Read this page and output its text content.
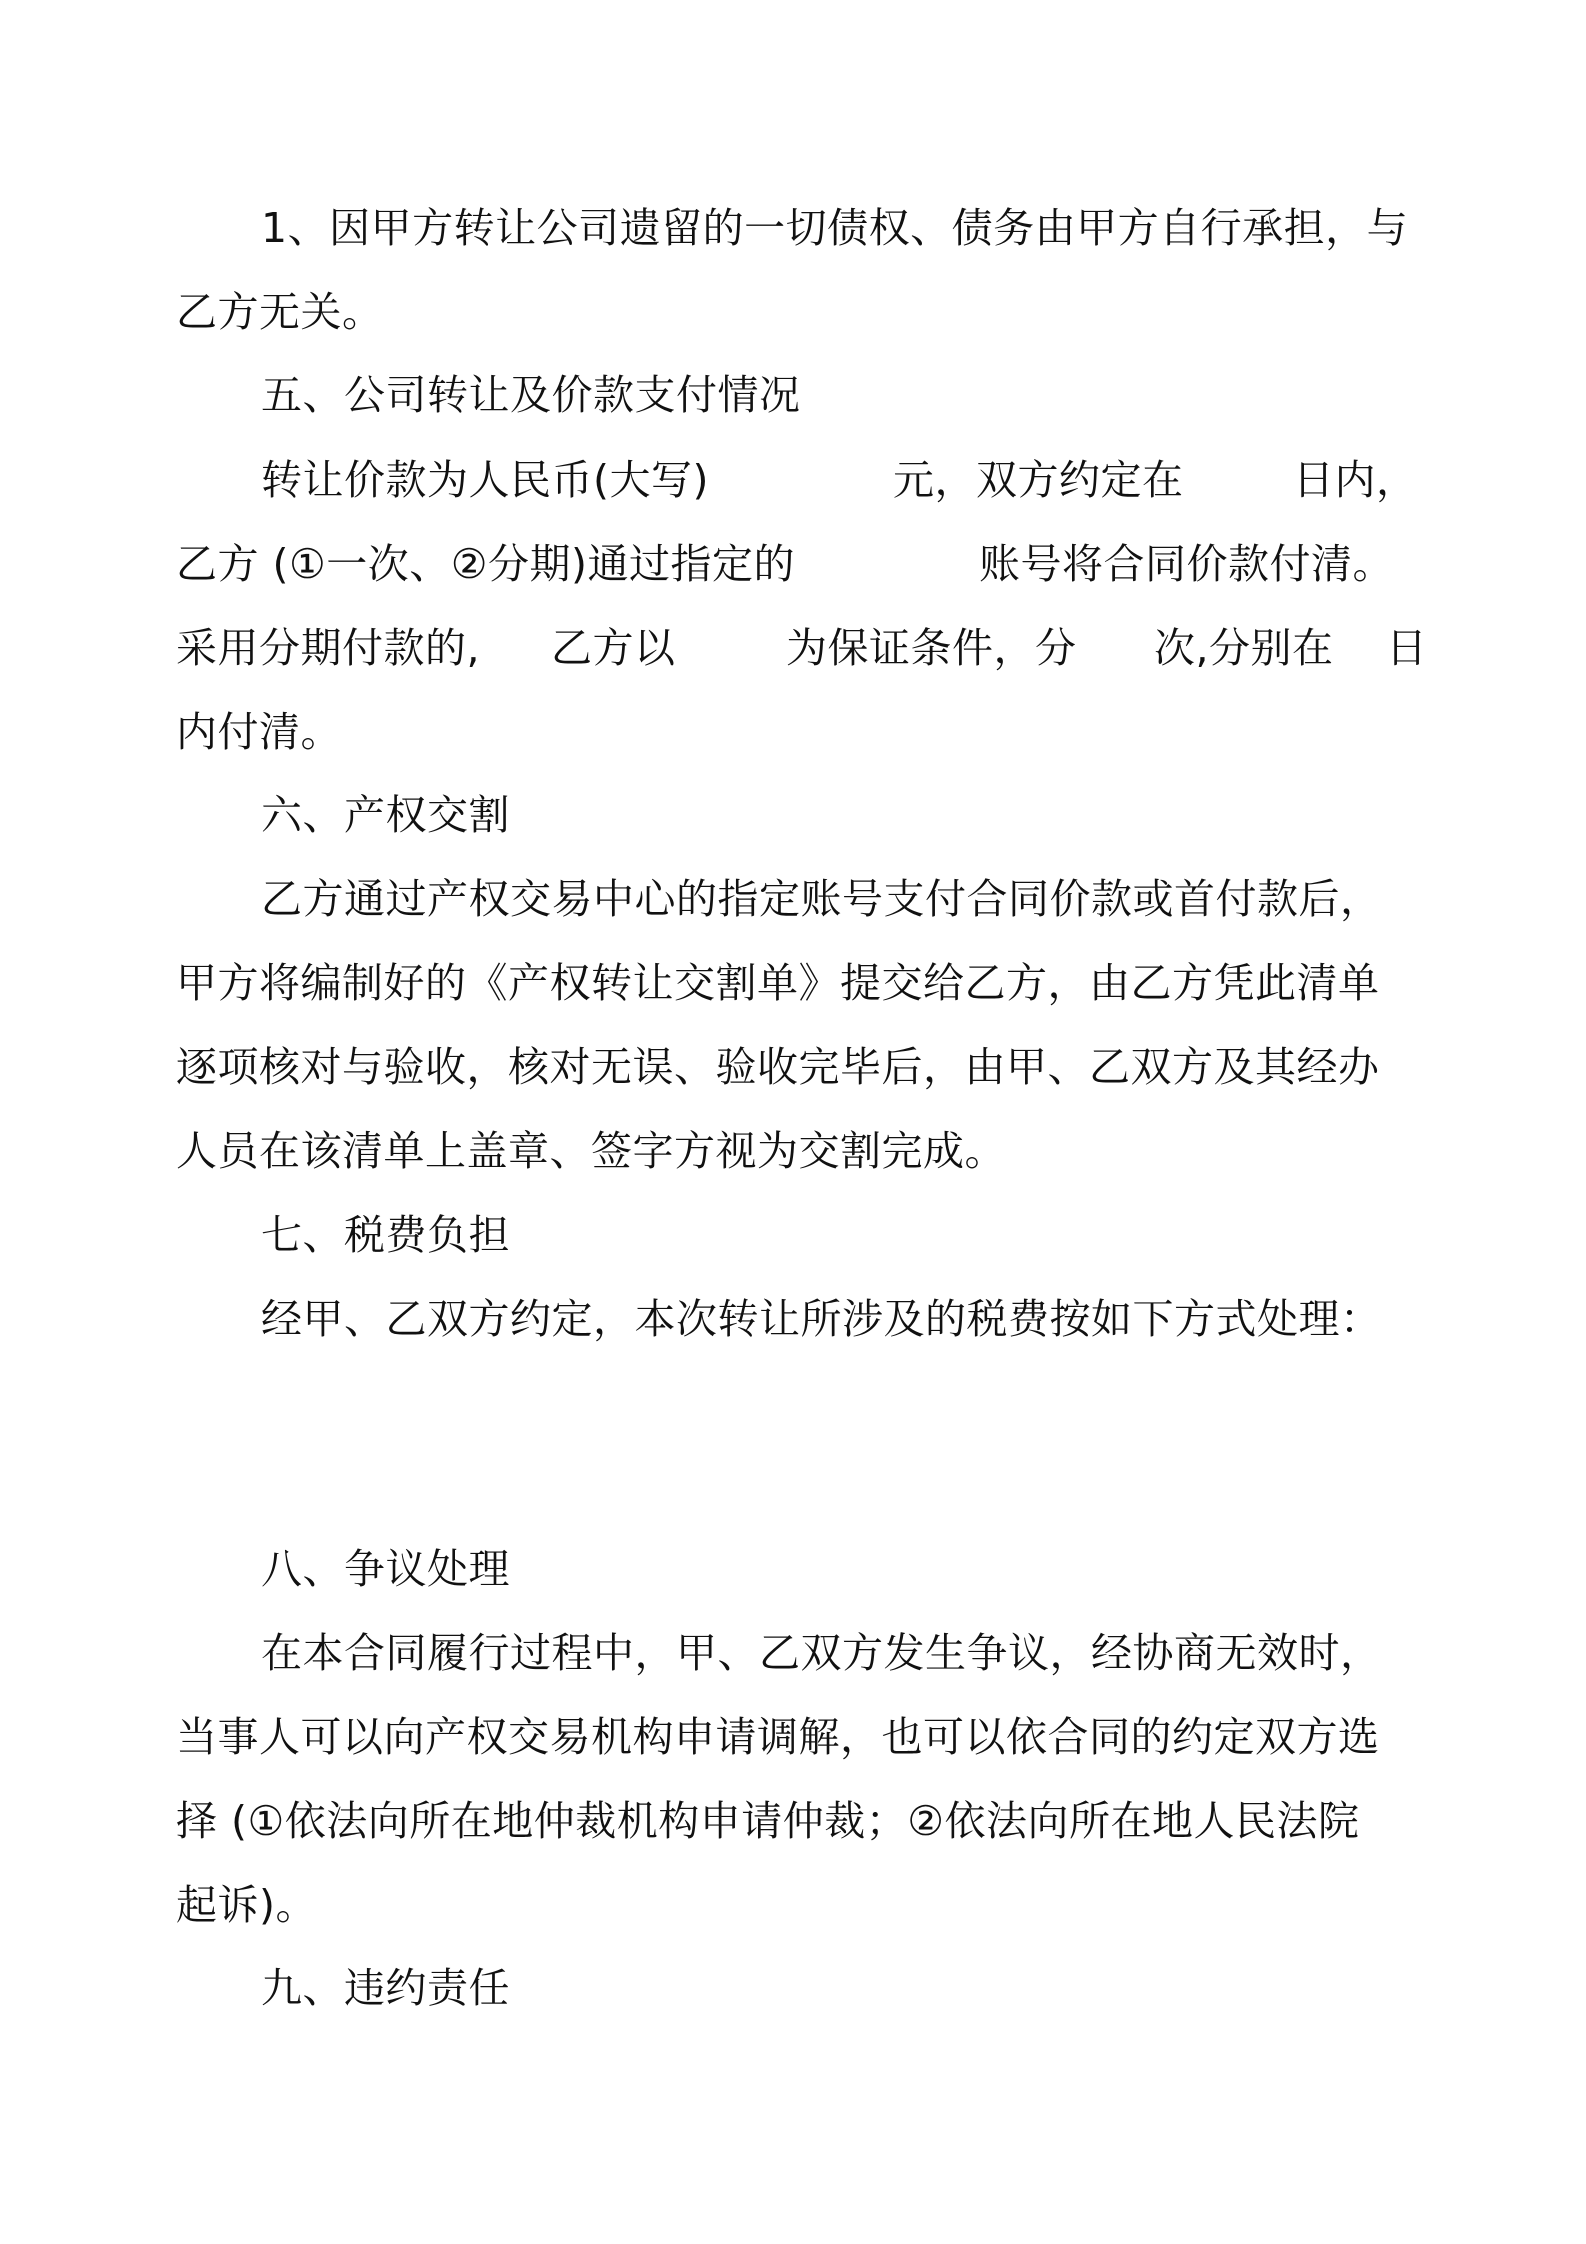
1、因甲方转让公司遗留的一切债权、债务由甲方自行承担，与
乙方无关。
五、公司转让及价款支付情况
转让价款为人民币(大写)	元，双方约定在	日内，
乙方 (①一次、②分期)通过指定的	账号将合同价款付清。
采用分期付款的, 乙方以	为保证条件，分 次,分别在 日
内付清。
六、产权交割
乙方通过产权交易中心的指定账号支付合同价款或首付款后，
甲方将编制好的《产权转让交割单》提交给乙方，由乙方凭此清单
逐项核对与验收，核对无误、验收完毕后，由甲、乙双方及其经办
人员在该清单上盖章、签字方视为交割完成。
七、税费负担
经甲、乙双方约定，本次转让所涉及的税费按如下方式处理：
八、争议处理
在本合同履行过程中，甲、乙双方发生争议，经协商无效时，
当事人可以向产权交易机构申请调解，也可以依合同的约定双方选
择 (①依法向所在地仲裁机构申请仲裁；②依法向所在地人民法院
起诉)。
九、违约责任
